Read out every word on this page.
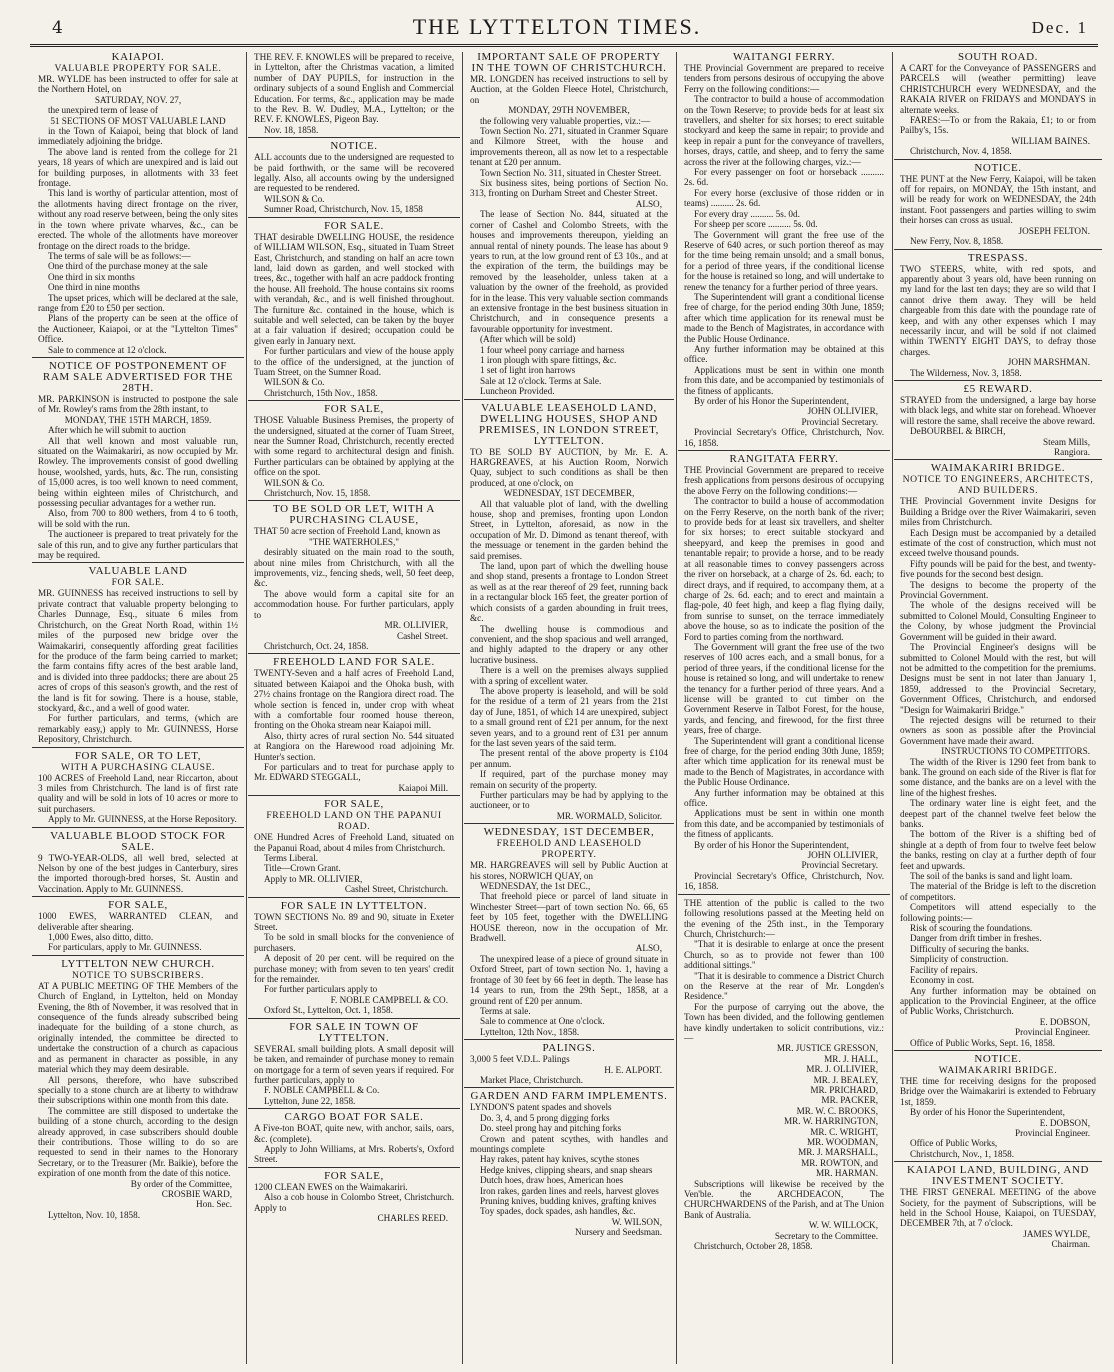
4	THE LYTTELTON TIMES.	Dec. 1
KAIAPOI.
VALUABLE PROPERTY FOR SALE.
MR. WYLDE has been instructed to offer for sale at the Northern Hotel, on
SATURDAY, NOV. 27,
the unexpired term of lease of
51 SECTIONS OF MOST VALUABLE LAND
in the Town of Kaiapoi, being that block of land immediately adjoining the bridge.
The above land is rented from the college for 21 years, 18 years of which are unexpired and is laid out for building purposes, in allotments with 33 feet frontage.
This land is worthy of particular attention, most of the allotments having direct frontage on the river, without any road reserve between, being the only sites in the town where private wharves, &c., can be erected. The whole of the allotments have moreover frontage on the direct roads to the bridge.
The terms of sale will be as follows:—
One third of the purchase money at the sale
One third in six months
One third in nine months
The upset prices, which will be declared at the sale, range from £20 to £50 per section.
Plans of the property can be seen at the office of the Auctioneer, Kaiapoi, or at the "Lyttelton Times" Office.
Sale to commence at 12 o'clock.
NOTICE OF POSTPONEMENT OF RAM SALE ADVERTISED FOR THE 28TH.
MR. PARKINSON is instructed to postpone the sale of Mr. Rowley's rams from the 28th instant, to
MONDAY, THE 15TH MARCH, 1859.
After which he will submit to auction
All that well known and most valuable run, situated on the Waimakariri, as now occupied by Mr. Rowley. The improvements consist of good dwelling house, woolshed, yards, huts, &c. The run, consisting of 15,000 acres, is too well known to need comment, being within eighteen miles of Christchurch, and possessing peculiar advantages for a wether run.
Also, from 700 to 800 wethers, from 4 to 6 tooth, will be sold with the run.
The auctioneer is prepared to treat privately for the sale of this run, and to give any further particulars that may be required.
VALUABLE LAND
FOR SALE.
MR. GUINNESS has received instructions to sell by private contract that valuable property belonging to Charles Dunnage, Esq., situate 6 miles from Christchurch, on the Great North Road, within 1½ miles of the purposed new bridge over the Waimakariri, consequently affording great facilities for the produce of the farm being carried to market; the farm contains fifty acres of the best arable land, and is divided into three paddocks; there are about 25 acres of crops of this season's growth, and the rest of the land is fit for sowing. There is a house, stable, stockyard, &c., and a well of good water.
For further particulars, and terms, (which are remarkably easy,) apply to Mr. GUINNESS, Horse Repository, Christchurch.
FOR SALE, OR TO LET,
WITH A PURCHASING CLAUSE.
100 ACRES of Freehold Land, near Riccarton, about 3 miles from Christchurch. The land is of first rate quality and will be sold in lots of 10 acres or more to suit purchasers.
Apply to Mr. GUINNESS, at the Horse Repository.
VALUABLE BLOOD STOCK FOR SALE.
9 TWO-YEAR-OLDS, all well bred, selected at Nelson by one of the best judges in Canterbury, sires the imported thorough-bred horses, St. Austin and Vaccination. Apply to Mr. GUINNESS.
FOR SALE,
1000 EWES, WARRANTED CLEAN, and deliverable after shearing.
1,000 Ewes, also ditto, ditto.
For particulars, apply to Mr. GUINNESS.
LYTTELTON NEW CHURCH.
NOTICE TO SUBSCRIBERS.
AT A PUBLIC MEETING OF THE Members of the Church of England, in Lyttelton, held on Monday Evening, the 8th of November, it was resolved that in consequence of the funds already subscribed being inadequate for the building of a stone church, as originally intended, the committee be directed to undertake the construction of a church as capacious and as permanent in character as possible, in any material which they may deem desirable.
All persons, therefore, who have subscribed specially to a stone church are at liberty to withdraw their subscriptions within one month from this date.
The committee are still disposed to undertake the building of a stone church, according to the design already approved, in case subscribers should double their contributions. Those willing to do so are requested to send in their names to the Honorary Secretary, or to the Treasurer (Mr. Baikie), before the expiration of one month from the date of this notice.
By order of the Committee,
CROSBIE WARD,
Hon. Sec.
Lyttelton, Nov. 10, 1858.
THE REV. F. KNOWLES will be prepared to receive, in Lyttelton, after the Christmas vacation, a limited number of DAY PUPILS, for instruction in the ordinary subjects of a sound English and Commercial Education. For terms, &c., application may be made to the Rev. B. W. Dudley, M.A., Lyttelton; or the REV. F. KNOWLES, Pigeon Bay.
Nov. 18, 1858.
NOTICE.
ALL accounts due to the undersigned are requested to be paid forthwith, or the same will be recovered legally. Also, all accounts owing by the undersigned are requested to be rendered.
WILSON & Co.
Sumner Road, Christchurch, Nov. 15, 1858
FOR SALE.
THAT desirable DWELLING HOUSE, the residence of WILLIAM WILSON, Esq., situated in Tuam Street East, Christchurch, and standing on half an acre town land, laid down as garden, and well stocked with trees, &c., together with half an acre paddock fronting the house. All freehold. The house contains six rooms with verandah, &c., and is well finished throughout. The furniture &c. contained in the house, which is suitable and well selected, can be taken by the buyer at a fair valuation if desired; occupation could be given early in January next.
For further particulars and view of the house apply to the office of the undersigned, at the junction of Tuam Street, on the Sumner Road.
WILSON & Co.
Christchurch, 15th Nov., 1858.
FOR SALE,
THOSE Valuable Business Premises, the property of the undersigned, situated at the corner of Tuam Street, near the Sumner Road, Christchurch, recently erected with some regard to architectural design and finish. Further particulars can be obtained by applying at the office on the spot.
WILSON & Co.
Christchurch, Nov. 15, 1858.
TO BE SOLD OR LET, WITH A PURCHASING CLAUSE,
THAT 50 acre section of Freehold Land, known as
"THE WATERHOLES,"
desirably situated on the main road to the south, about nine miles from Christchurch, with all the improvements, viz., fencing sheds, well, 50 feet deep, &c.
The above would form a capital site for an accommodation house. For further particulars, apply to
MR. OLLIVIER,
Cashel Street.
Christchurch, Oct. 24, 1858.
FREEHOLD LAND FOR SALE.
TWENTY-Seven and a half acres of Freehold Land, situated between Kaiapoi and the Ohoka bush, with 27½ chains frontage on the Rangiora direct road. The whole section is fenced in, under crop with wheat with a comfortable four roomed house thereon, fronting on the Ohoka stream near Kaiapoi mill.
Also, thirty acres of rural section No. 544 situated at Rangiora on the Harewood road adjoining Mr. Hunter's section.
For particulars and to treat for purchase apply to Mr. EDWARD STEGGALL,
Kaiapoi Mill.
FOR SALE,
FREEHOLD LAND ON THE PAPANUI ROAD.
ONE Hundred Acres of Freehold Land, situated on the Papanui Road, about 4 miles from Christchurch.
Terms Liberal.
Title—Crown Grant.
Apply to MR. OLLIVIER,
Cashel Street, Christchurch.
FOR SALE IN LYTTELTON.
TOWN SECTIONS No. 89 and 90, situate in Exeter Street.
To be sold in small blocks for the convenience of purchasers.
A deposit of 20 per cent. will be required on the purchase money; with from seven to ten years' credit for the remainder.
For further particulars apply to
F. NOBLE CAMPBELL & CO.
Oxford St., Lyttelton, Oct. 1, 1858.
FOR SALE IN TOWN OF LYTTELTON.
SEVERAL small building plots. A small deposit will be taken, and remainder of purchase money to remain on mortgage for a term of seven years if required. For further particulars, apply to
F. NOBLE CAMPBELL & Co.
Lyttelton, June 22, 1858.
CARGO BOAT FOR SALE.
A Five-ton BOAT, quite new, with anchor, sails, oars, &c. (complete).
Apply to John Williams, at Mrs. Roberts's, Oxford Street.
FOR SALE,
1200 CLEAN EWES on the Waimakariri.
Also a cob house in Colombo Street, Christchurch. Apply to
CHARLES REED.
IMPORTANT SALE OF PROPERTY IN THE TOWN OF CHRISTCHURCH.
MR. LONGDEN has received instructions to sell by Auction, at the Golden Fleece Hotel, Christchurch, on
MONDAY, 29TH NOVEMBER,
the following very valuable properties, viz.:—
Town Section No. 271, situated in Cranmer Square and Kilmore Street, with the house and improvements thereon, all as now let to a respectable tenant at £20 per annum.
Town Section No. 311, situated in Chester Street.
Six business sites, being portions of Section No. 313, fronting on Durham Street and Chester Street.
ALSO,
The lease of Section No. 844, situated at the corner of Cashel and Colombo Streets, with the houses and improvements thereupon, yielding an annual rental of ninety pounds. The lease has about 9 years to run, at the low ground rent of £3 10s., and at the expiration of the term, the buildings may be removed by the leaseholder, unless taken at a valuation by the owner of the freehold, as provided for in the lease. This very valuable section commands an extensive frontage in the best business situation in Christchurch, and in consequence presents a favourable opportunity for investment.
(After which will be sold)
1 four wheel pony carriage and harness
1 iron plough with spare fittings, &c.
1 set of light iron harrows
Sale at 12 o'clock. Terms at Sale.
Luncheon Provided.
VALUABLE LEASEHOLD LAND, DWELLING HOUSES, SHOP AND PREMISES, IN LONDON STREET, LYTTELTON.
TO BE SOLD BY AUCTION, by Mr. E. A. HARGREAVES, at his Auction Room, Norwich Quay, subject to such conditions as shall be then produced, at one o'clock, on
WEDNESDAY, 1ST DECEMBER,
All that valuable plot of land, with the dwelling house, shop and premises, fronting upon London Street, in Lyttelton, aforesaid, as now in the occupation of Mr. D. Dimond as tenant thereof, with the messuage or tenement in the garden behind the said premises.
The land, upon part of which the dwelling house and shop stand, presents a frontage to London Street as well as at the rear thereof of 29 feet, running back in a rectangular block 165 feet, the greater portion of which consists of a garden abounding in fruit trees, &c.
The dwelling house is commodious and convenient, and the shop spacious and well arranged, and highly adapted to the drapery or any other lucrative business.
There is a well on the premises always supplied with a spring of excellent water.
The above property is leasehold, and will be sold for the residue of a term of 21 years from the 21st day of June, 1851, of which 14 are unexpired, subject to a small ground rent of £21 per annum, for the next seven years, and to a ground rent of £31 per annum for the last seven years of the said term.
The present rental of the above property is £104 per annum.
If required, part of the purchase money may remain on security of the property.
Further particulars may be had by applying to the auctioneer, or to
MR. WORMALD, Solicitor.
WEDNESDAY, 1ST DECEMBER,
FREEHOLD AND LEASEHOLD PROPERTY.
MR. HARGREAVES will sell by Public Auction at his stores, NORWICH QUAY, on
WEDNESDAY, the 1st DEC.,
That freehold piece or parcel of land situate in Winchester Street—part of town section No. 66, 65 feet by 105 feet, together with the DWELLING HOUSE thereon, now in the occupation of Mr. Bradwell.
ALSO,
The unexpired lease of a piece of ground situate in Oxford Street, part of town section No. 1, having a frontage of 30 feet by 66 feet in depth. The lease has 14 years to run, from the 29th Sept., 1858, at a ground rent of £20 per annum.
Terms at sale.
Sale to commence at One o'clock.
Lyttelton, 12th Nov., 1858.
PALINGS.
3,000 5 feet V.D.L. Palings
H. E. ALPORT.
Market Place, Christchurch.
GARDEN AND FARM IMPLEMENTS.
LYNDON'S patent spades and shovels
Do. 3, 4, and 5 prong digging forks
Do. steel prong hay and pitching forks
Crown and patent scythes, with handles and mountings complete
Hay rakes, patent hay knives, scythe stones
Hedge knives, clipping shears, and snap shears
Dutch hoes, draw hoes, American hoes
Iron rakes, garden lines and reels, harvest gloves
Pruning knives, budding knives, grafting knives
Toy spades, dock spades, ash handles, &c.
W. WILSON,
Nursery and Seedsman.
WAITANGI FERRY.
THE Provincial Government are prepared to receive tenders from persons desirous of occupying the above Ferry on the following conditions:—
The contractor to build a house of accommodation on the Town Reserve; to provide beds for at least six travellers, and shelter for six horses; to erect suitable stockyard and keep the same in repair; to provide and keep in repair a punt for the conveyance of travellers, horses, drays, cattle, and sheep, and to ferry the same across the river at the following charges, viz.:—
For every passenger on foot or horseback .......... 2s. 6d.
For every horse (exclusive of those ridden or in teams) .......... 2s. 6d.
For every dray .......... 5s. 0d.
For sheep per score .......... 5s. 0d.
The Government will grant the free use of the Reserve of 640 acres, or such portion thereof as may for the time being remain unsold; and a small bonus, for a period of three years, if the conditional license for the house is retained so long, and will undertake to renew the tenancy for a further period of three years.
The Superintendent will grant a conditional license free of charge, for the period ending 30th June, 1859; after which time application for its renewal must be made to the Bench of Magistrates, in accordance with the Public House Ordinance.
Any further information may be obtained at this office.
Applications must be sent in within one month from this date, and be accompanied by testimonials of the fitness of applicants.
By order of his Honor the Superintendent,
JOHN OLLIVIER,
Provincial Secretary.
Provincial Secretary's Office, Christchurch, Nov. 16, 1858.
RANGITATA FERRY.
THE Provincial Government are prepared to receive fresh applications from persons desirous of occupying the above Ferry on the following conditions:—
The contractor to build a house of accommodation on the Ferry Reserve, on the north bank of the river; to provide beds for at least six travellers, and shelter for six horses; to erect suitable stockyard and sheepyard, and keep the premises in good and tenantable repair; to provide a horse, and to be ready at all reasonable times to convey passengers across the river on horseback, at a charge of 2s. 6d. each; to direct drays, and if required, to accompany them, at a charge of 2s. 6d. each; and to erect and maintain a flag-pole, 40 feet high, and keep a flag flying daily, from sunrise to sunset, on the terrace immediately above the house, so as to indicate the position of the Ford to parties coming from the northward.
The Government will grant the free use of the two reserves of 100 acres each, and a small bonus, for a period of three years, if the conditional license for the house is retained so long, and will undertake to renew the tenancy for a further period of three years. And a license will be granted to cut timber on the Government Reserve in Talbot Forest, for the house, yards, and fencing, and firewood, for the first three years, free of charge.
The Superintendent will grant a conditional license free of charge, for the period ending 30th June, 1859; after which time application for its renewal must be made to the Bench of Magistrates, in accordance with the Public House Ordinance.
Any further information may be obtained at this office.
Applications must be sent in within one month from this date, and be accompanied by testimonials of the fitness of applicants.
By order of his Honor the Superintendent,
JOHN OLLIVIER,
Provincial Secretary.
Provincial Secretary's Office, Christchurch, Nov. 16, 1858.
THE attention of the public is called to the two following resolutions passed at the Meeting held on the evening of the 25th inst., in the Temporary Church, Christchurch:—
"That it is desirable to enlarge at once the present Church, so as to provide not fewer than 100 additional sittings."
"That it is desirable to commence a District Church on the Reserve at the rear of Mr. Longden's Residence."
For the purpose of carrying out the above, the Town has been divided, and the following gentlemen have kindly undertaken to solicit contributions, viz.:—
MR. JUSTICE GRESSON,
MR. J. HALL,
MR. J. OLLIVIER,
MR. J. BEALEY,
MR. PRICHARD,
MR. PACKER,
MR. W. C. BROOKS,
MR. W. HARRINGTON,
MR. C. WRIGHT,
MR. WOODMAN,
MR. J. MARSHALL,
MR. ROWTON, and
MR. HARMAN.
Subscriptions will likewise be received by the Ven'ble. the ARCHDEACON, The CHURCHWARDENS of the Parish, and at The Union Bank of Australia.
W. W. WILLOCK,
Secretary to the Committee.
Christchurch, October 28, 1858.
SOUTH ROAD.
A CART for the Conveyance of PASSENGERS and PARCELS will (weather permitting) leave CHRISTCHURCH every WEDNESDAY, and the RAKAIA RIVER on FRIDAYS and MONDAYS in alternate weeks.
FARES:—To or from the Rakaia, £1; to or from Pailby's, 15s.
WILLIAM BAINES.
Christchurch, Nov. 4, 1858.
NOTICE.
THE PUNT at the New Ferry, Kaiapoi, will be taken off for repairs, on MONDAY, the 15th instant, and will be ready for work on WEDNESDAY, the 24th instant. Foot passengers and parties willing to swim their horses can cross as usual.
JOSEPH FELTON.
New Ferry, Nov. 8, 1858.
TRESPASS.
TWO STEERS, white, with red spots, and apparently about 3 years old, have been running on my land for the last ten days; they are so wild that I cannot drive them away. They will be held chargeable from this date with the poundage rate of keep, and with any other expenses which I may necessarily incur, and will be sold if not claimed within TWENTY EIGHT DAYS, to defray those charges.
JOHN MARSHMAN.
The Wilderness, Nov. 3, 1858.
£5 REWARD.
STRAYED from the undersigned, a large bay horse with black legs, and white star on forehead. Whoever will restore the same, shall receive the above reward.
DeBOURBEL & BIRCH,
Steam Mills,
Rangiora.
WAIMAKARIRI BRIDGE.
NOTICE TO ENGINEERS, ARCHITECTS, AND BUILDERS.
THE Provincial Government invite Designs for Building a Bridge over the River Waimakariri, seven miles from Christchurch.
Each Design must be accompanied by a detailed estimate of the cost of construction, which must not exceed twelve thousand pounds.
Fifty pounds will be paid for the best, and twenty-five pounds for the second best design.
The designs to become the property of the Provincial Government.
The whole of the designs received will be submitted to Colonel Mould, Consulting Engineer to the Colony, by whose judgment the Provincial Government will be guided in their award.
The Provincial Engineer's designs will be submitted to Colonel Mould with the rest, but will not be admitted to the competition for the premiums. Designs must be sent in not later than January 1, 1859, addressed to the Provincial Secretary, Government Offices, Christchurch, and endorsed "Design for Waimakariri Bridge."
The rejected designs will be returned to their owners as soon as possible after the Provincial Government have made their award.
INSTRUCTIONS TO COMPETITORS.
The width of the River is 1290 feet from bank to bank. The ground on each side of the River is flat for some distance, and the banks are on a level with the line of the highest freshes.
The ordinary water line is eight feet, and the deepest part of the channel twelve feet below the banks.
The bottom of the River is a shifting bed of shingle at a depth of from four to twelve feet below the banks, resting on clay at a further depth of four feet and upwards.
The soil of the banks is sand and light loam.
The material of the Bridge is left to the discretion of competitors.
Competitors will attend especially to the following points:—
Risk of scouring the foundations.
Danger from drift timber in freshes.
Difficulty of securing the banks.
Simplicity of construction.
Facility of repairs.
Economy in cost.
Any further information may be obtained on application to the Provincial Engineer, at the office of Public Works, Christchurch.
E. DOBSON,
Provincial Engineer.
Office of Public Works, Sept. 16, 1858.
NOTICE.
WAIMAKARIRI BRIDGE.
THE time for receiving designs for the proposed Bridge over the Waimakariri is extended to February 1st, 1859.
By order of his Honor the Superintendent,
E. DOBSON,
Provincial Engineer.
Office of Public Works,
Christchurch, Nov., 1, 1858.
KAIAPOI LAND, BUILDING, AND INVESTMENT SOCIETY.
THE FIRST GENERAL MEETING of the above Society, for the payment of Subscriptions, will be held in the School House, Kaiapoi, on TUESDAY, DECEMBER 7th, at 7 o'clock.
JAMES WYLDE,
Chairman.
